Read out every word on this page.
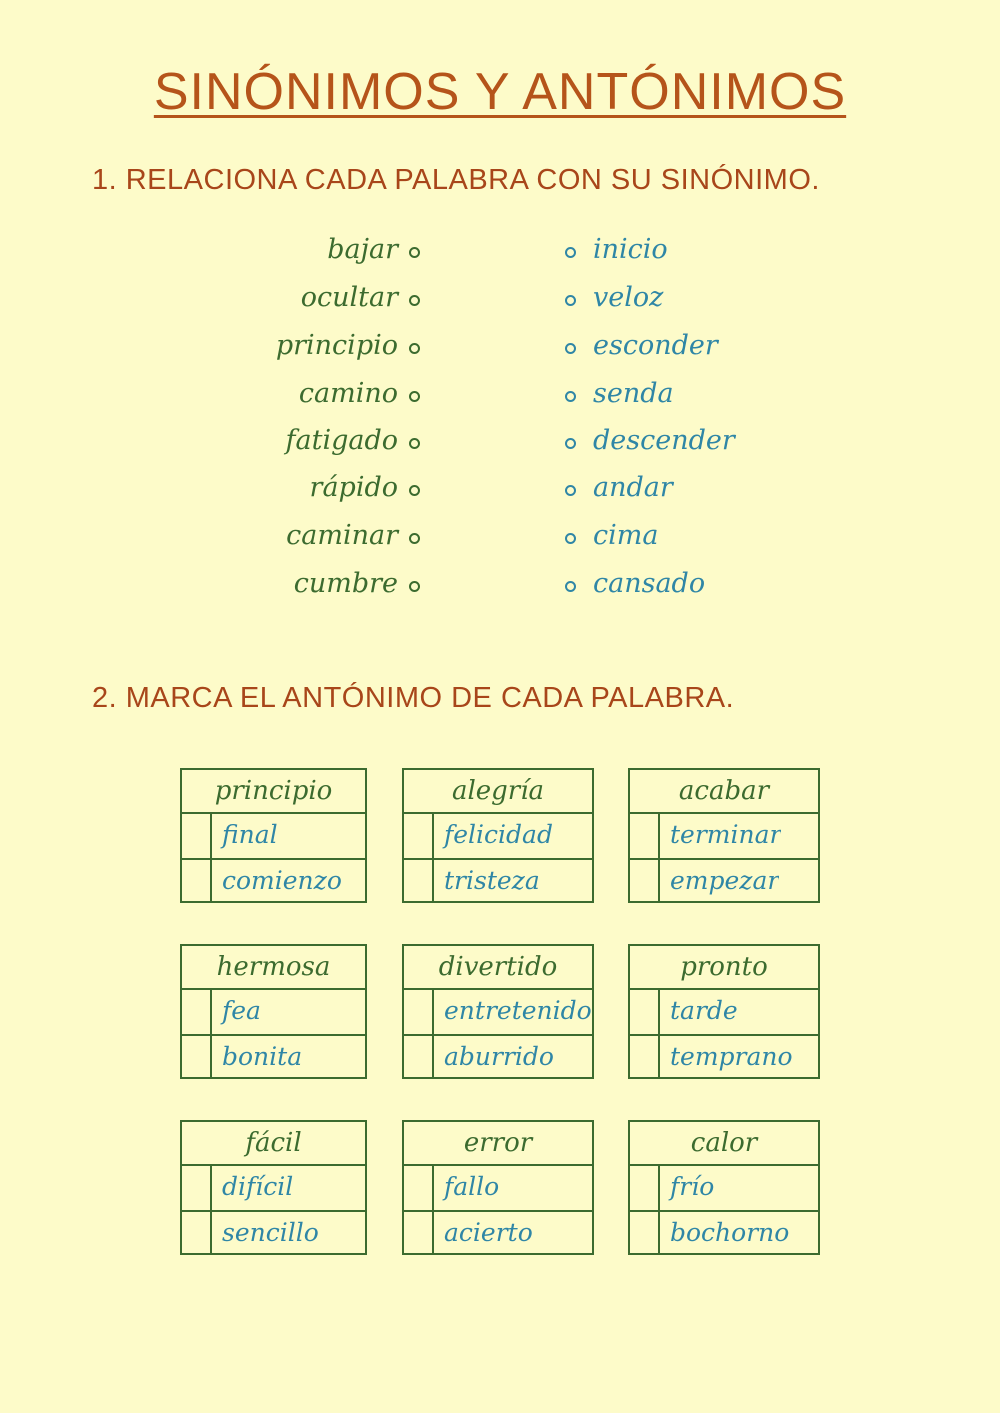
SINÓNIMOS Y ANTÓNIMOS
1. RELACIONA CADA PALABRA CON SU SINÓNIMO.
bajar
ocultar
principio
camino
fatigado
rápido
caminar
cumbre
inicio
veloz
esconder
senda
descender
andar
cima
cansado
2. MARCA EL ANTÓNIMO DE CADA PALABRA.
principio
final
comienzo
alegría
felicidad
tristeza
acabar
terminar
empezar
hermosa
fea
bonita
divertido
entretenido
aburrido
pronto
tarde
temprano
fácil
difícil
sencillo
error
fallo
acierto
calor
frío
bochorno
